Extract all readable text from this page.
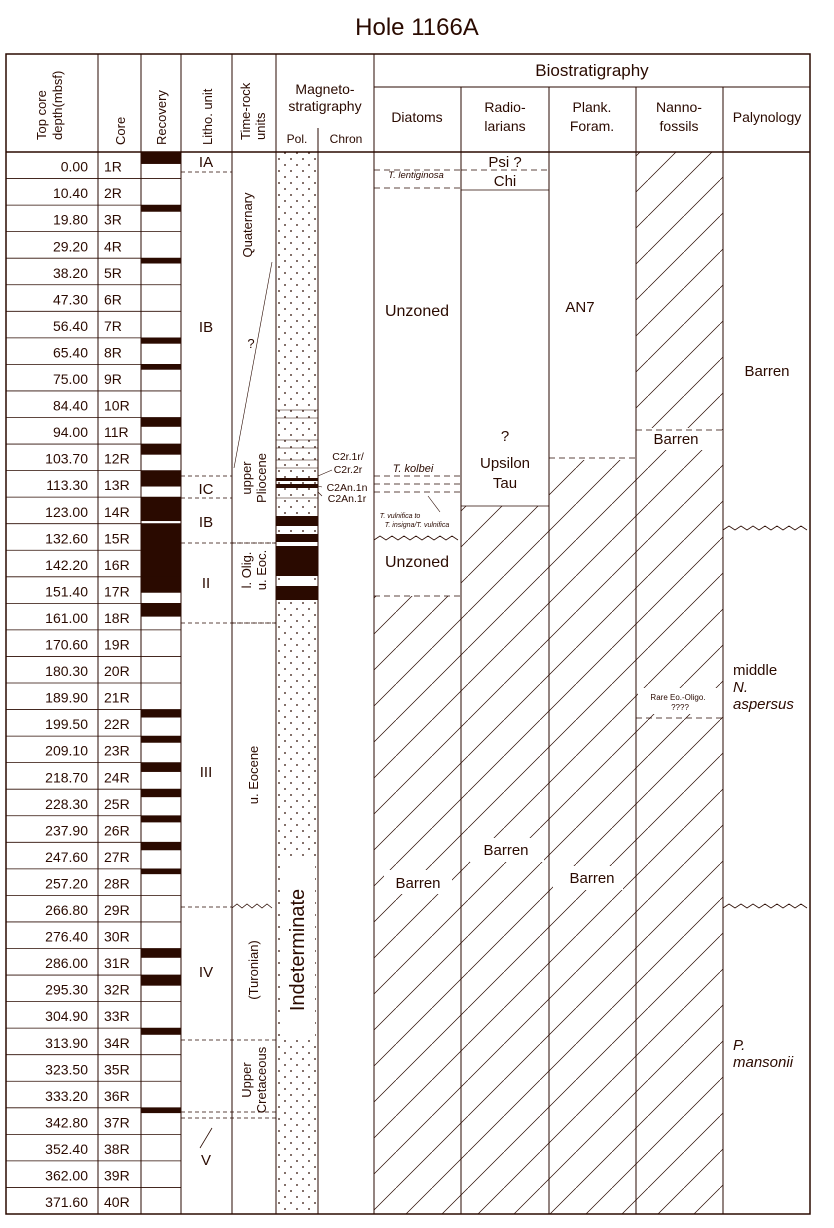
Hole 1166A
0.00 1R
10.40 2R
19.80 3R
29.20 4R
38.20 5R
47.30 6R
56.40 7R
65.40 8R
75.00 9R
84.40 10R
94.00 11R
103.70 12R
113.30 13R
123.00 14R
132.60 15R
142.20 16R
151.40 17R
161.00 18R
170.60 19R
180.30 20R
189.90 21R
199.50 22R
209.10 23R
218.70 24R
228.30 25R
237.90 26R
247.60 27R
257.20 28R
266.80 29R
276.40 30R
286.00 31R
295.30 32R
304.90 33R
313.90 34R
323.50 35R
333.20 36R
342.80 37R
352.40 38R
362.00 39R
371.60 40R
Top core depth(mbsf)	Core Recovery Litho. unit Time-rock units
Magneto-
stratigraphy
Pol. Chron
Biostratigraphy
Diatoms
Radio-
larians
Plank.
Foram.
Nanno-
fossils
Palynology
IA
IB
IC
IB
II
III
IV
V
Quaternary
?
upper Pliocene
l. Olig. u. Eoc.
u. Eocene
(Turonian)
Upper Cretaceous
Indeterminate
C2r.1r/
C2r.2r
C2An.1n
C2An.1r
T. lentiginosa
Unzoned
T. kolbei
T. vulnifica to
T. insigna/T. vulnifica
Unzoned
Barren
Psi ?
Chi
?
Upsilon
Tau
Barren
AN7
Barren
Barren
Rare Eo.-Oligo.
????
Barren
middle
N.
aspersus
P.
mansonii
